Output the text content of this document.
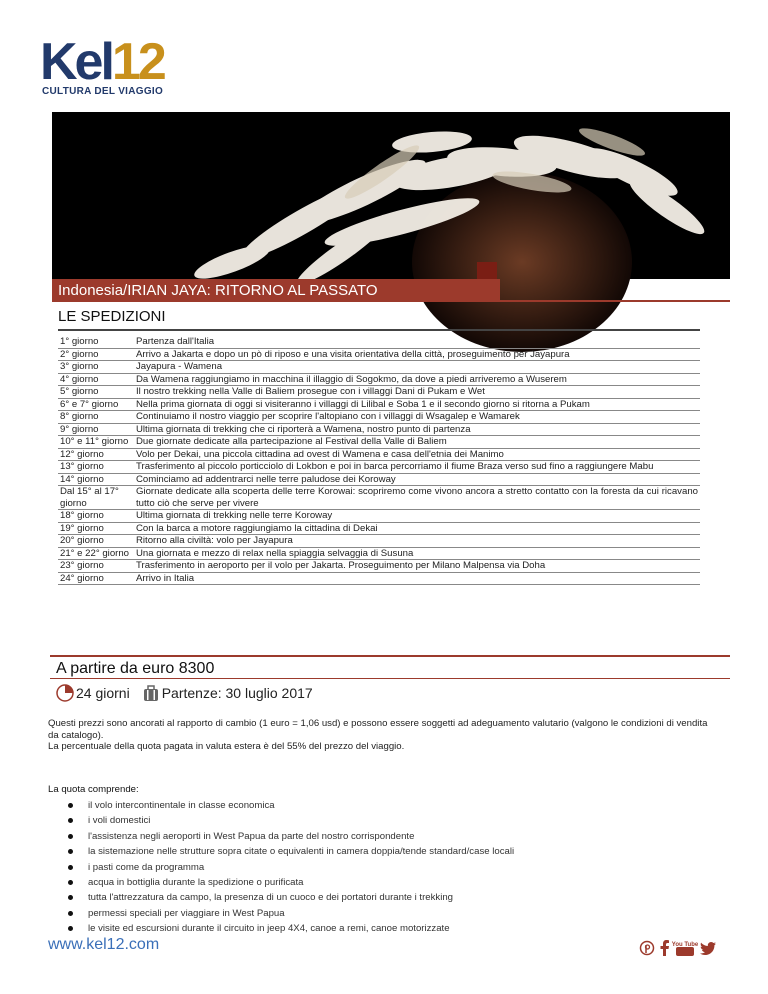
Kel12
CULTURA DEL VIAGGIO
Indonesia/IRIAN JAYA: RITORNO AL PASSATO
LE SPEDIZIONI
1° giorno	Partenza dall'Italia
2° giorno	Arrivo a Jakarta e dopo un pò di riposo e una visita orientativa della città, proseguimento per Jayapura
3° giorno	Jayapura - Wamena
4° giorno	Da Wamena raggiungiamo in macchina il illaggio di Sogokmo, da dove a piedi arriveremo a Wuserem
5° giorno	Il nostro trekking nella Valle di Baliem prosegue con i villaggi Dani di Pukam e Wet
6° e 7° giorno	Nella prima giornata di oggi si visiteranno i villaggi di Lilibal e Soba 1 e il secondo giorno si ritorna a Pukam
8° giorno	Continuiamo il nostro viaggio per scoprire l'altopiano con i villaggi di Wsagalep e Wamarek
9° giorno	Ultima giornata di trekking che ci riporterà a Wamena, nostro punto di partenza
10° e 11° giorno	Due giornate dedicate alla partecipazione al Festival della Valle di Baliem
12° giorno	Volo per Dekai, una piccola cittadina ad ovest di Wamena e casa dell'etnia dei Manimo
13° giorno	Trasferimento al piccolo porticciolo di Lokbon e poi in barca percorriamo il fiume Braza verso sud fino a raggiungere Mabu
14° giorno	Cominciamo ad addentrarci nelle terre paludose dei Koroway
Dal 15° al 17° giorno	Giornate dedicate alla scoperta delle terre Korowai: scopriremo come vivono ancora a stretto contatto con la foresta da cui ricavano tutto ciò che serve per vivere
18° giorno	Ultima giornata di trekking nelle terre Koroway
19° giorno	Con la barca a motore raggiungiamo la cittadina di Dekai
20° giorno	Ritorno alla civiltà: volo per Jayapura
21° e 22° giorno	Una giornata e mezzo di relax nella spiaggia selvaggia di Susuna
23° giorno	Trasferimento in aeroporto per il volo per Jakarta. Proseguimento per Milano Malpensa via Doha
24° giorno	Arrivo in Italia
A partire da euro 8300
24 giorni Partenze: 30 luglio 2017

Questi prezzi sono ancorati al rapporto di cambio (1 euro = 1,06 usd) e possono essere soggetti ad adeguamento valutario (valgono le condizioni di vendita da catalogo).

La percentuale della quota pagata in valuta estera è del 55% del prezzo del viaggio.

La quota comprende:
il volo intercontinentale in classe economica
i voli domestici
l'assistenza negli aeroporti in West Papua da parte del nostro corrispondente
la sistemazione nelle strutture sopra citate o equivalenti in camera doppia/tende standard/case locali
i pasti come da programma
acqua in bottiglia durante la spedizione o purificata
tutta l'attrezzatura da campo, la presenza di un cuoco e dei portatori durante i trekking
permessi speciali per viaggiare in West Papua
le visite ed escursioni durante il circuito in jeep 4X4, canoe a remi, canoe motorizzate
www.kel12.com	You Tube
